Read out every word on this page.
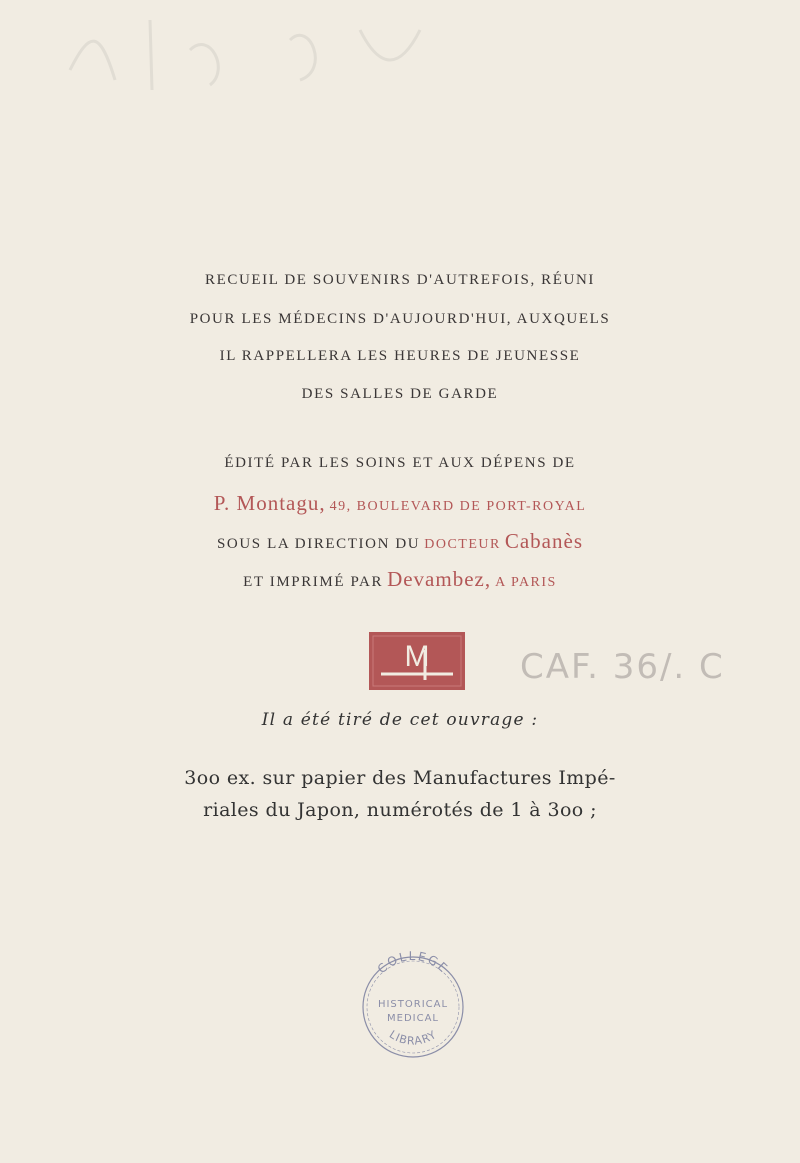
RECUEIL DE SOUVENIRS D'AUTREFOIS, RÉUNI
POUR LES MÉDECINS D'AUJOURD'HUI, AUXQUELS
IL RAPPELLERA LES HEURES DE JEUNESSE
DES SALLES DE GARDE
ÉDITÉ PAR LES SOINS ET AUX DÉPENS DE
P. Montagu, 49, BOULEVARD DE PORT-ROYAL
SOUS LA DIRECTION DU DOCTEUR Cabanès
ET IMPRIMÉ PAR Devambez, A PARIS
M	CAF. 36/. C
Il a été tiré de cet ouvrage :
3oo ex. sur papier des Manufactures Impé-
riales du Japon, numérotés de 1 à 3oo ;
COLLEGE
HISTORICAL
MEDICAL
LIBRARY
